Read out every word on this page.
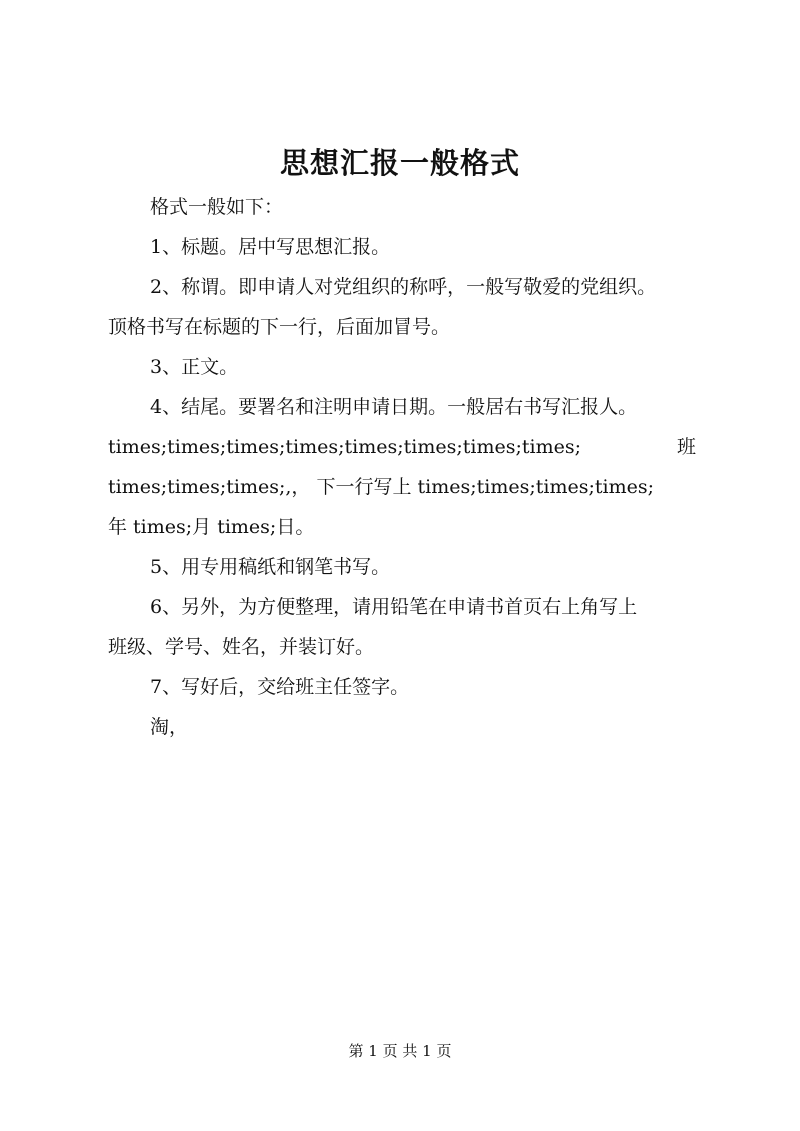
思想汇报一般格式
格式一般如下：
1、标题。居中写思想汇报。
2、称谓。即申请人对党组织的称呼，一般写敬爱的党组织。
顶格书写在标题的下一行，后面加冒号。
3、正文。
4、结尾。要署名和注明申请日期。一般居右书写汇报人。
times;times;times;times;times;times;times;times;	班
times;times;times;,， 下一行写上 times;times;times;times;
年 times;月 times;日。
5、用专用稿纸和钢笔书写。
6、另外，为方便整理，请用铅笔在申请书首页右上角写上
班级、学号、姓名，并装订好。
7、写好后，交给班主任签字。
淘，
第 1 页 共 1 页
